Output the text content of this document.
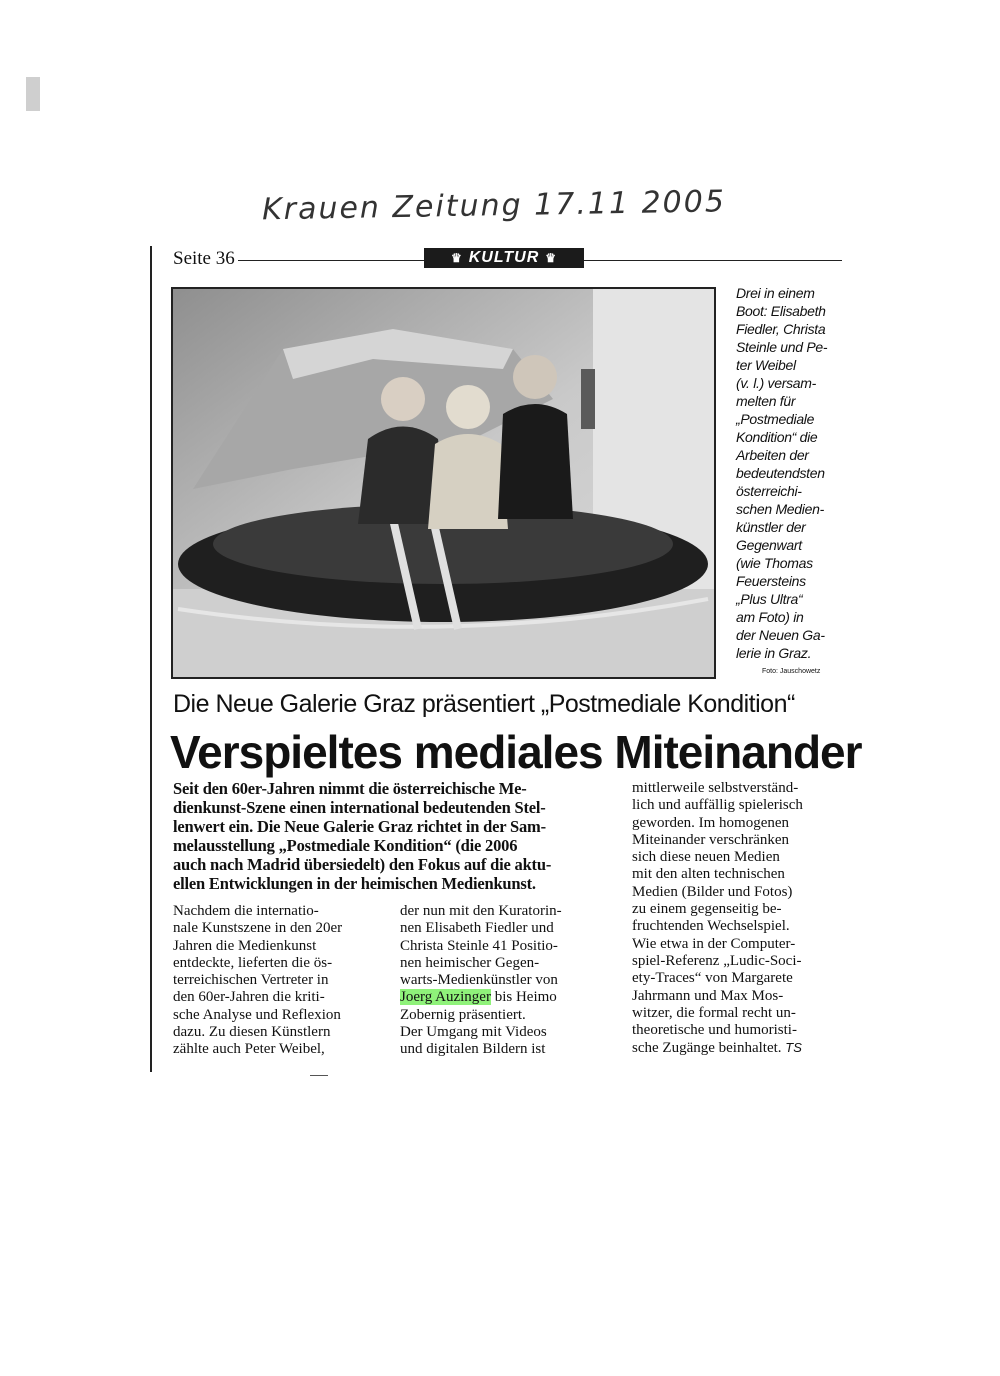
Krauen Zeitung 17.11 2005
Seite 36	♛ KULTUR ♛
Drei in einem
Boot: Elisabeth
Fiedler, Christa
Steinle und Pe-
ter Weibel
(v. l.) versam-
melten für
„Postmediale
Kondition“ die
Arbeiten der
bedeutendsten
österreichi-
schen Medien-
künstler der
Gegenwart
(wie Thomas
Feuersteins
„Plus Ultra“
am Foto) in
der Neuen Ga-
lerie in Graz.
Foto: Jauschowetz
Die Neue Galerie Graz präsentiert „Postmediale Kondition“
Verspieltes mediales Miteinander
Seit den 60er-Jahren nimmt die österreichische Me-
dienkunst-Szene einen international bedeutenden Stel-
lenwert ein. Die Neue Galerie Graz richtet in der Sam-
melausstellung „Postmediale Kondition“ (die 2006
auch nach Madrid übersiedelt) den Fokus auf die aktu-
ellen Entwicklungen in der heimischen Medienkunst.
Nachdem die internatio-
nale Kunstszene in den 20er
Jahren die Medienkunst
entdeckte, lieferten die ös-
terreichischen Vertreter in
den 60er-Jahren die kriti-
sche Analyse und Reflexion
dazu. Zu diesen Künstlern
zählte auch Peter Weibel,
der nun mit den Kuratorin-
nen Elisabeth Fiedler und
Christa Steinle 41 Positio-
nen heimischer Gegen-
warts-Medienkünstler von
Joerg Auzinger bis Heimo
Zobernig präsentiert.
Der Umgang mit Videos
und digitalen Bildern ist
mittlerweile selbstverständ-
lich und auffällig spielerisch
geworden. Im homogenen
Miteinander verschränken
sich diese neuen Medien
mit den alten technischen
Medien (Bilder und Fotos)
zu einem gegenseitig be-
fruchtenden Wechselspiel.
Wie etwa in der Computer-
spiel-Referenz „Ludic-Soci-
ety-Traces“ von Margarete
Jahrmann und Max Mos-
witzer, die formal recht un-
theoretische und humoristi-
sche Zugänge beinhaltet. TS
